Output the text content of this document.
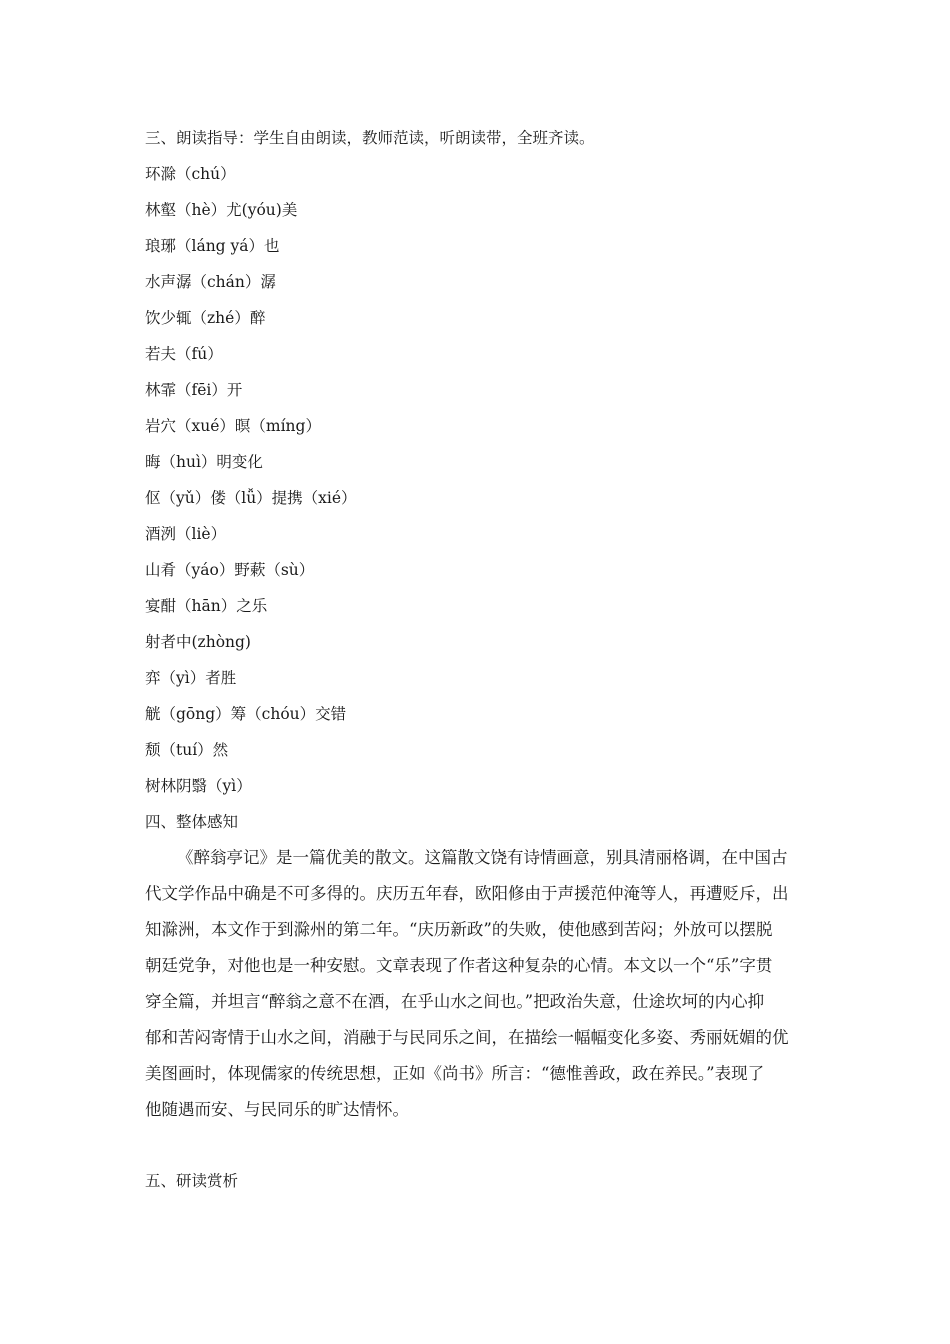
三、朗读指导：学生自由朗读，教师范读，听朗读带，全班齐读。
环滁（chú）
林壑（hè）尤(yóu)美
琅琊（láng yá）也
水声潺（chán）潺
饮少辄（zhé）醉
若夫（fú）
林霏（fēi）开
岩穴（xué）暝（míng）
晦（huì）明变化
伛（yǔ）偻（lǚ）提携（xié）
酒洌（liè）
山肴（yáo）野蔌（sù）
宴酣（hān）之乐
射者中(zhòng)
弈（yì）者胜
觥（gōng）筹（chóu）交错
颓（tuí）然
树林阴翳（yì）
四、整体感知
《醉翁亭记》是一篇优美的散文。这篇散文饶有诗情画意，别具清丽格调，在中国古
代文学作品中确是不可多得的。庆历五年春，欧阳修由于声援范仲淹等人，再遭贬斥，出
知滁洲，本文作于到滁州的第二年。“庆历新政”的失败，使他感到苦闷；外放可以摆脱
朝廷党争，对他也是一种安慰。文章表现了作者这种复杂的心情。本文以一个“乐”字贯
穿全篇，并坦言“醉翁之意不在酒，在乎山水之间也。”把政治失意，仕途坎坷的内心抑
郁和苦闷寄情于山水之间，消融于与民同乐之间，在描绘一幅幅变化多姿、秀丽妩媚的优
美图画时，体现儒家的传统思想，正如《尚书》所言：“德惟善政，政在养民。”表现了
他随遇而安、与民同乐的旷达情怀。
五、研读赏析
